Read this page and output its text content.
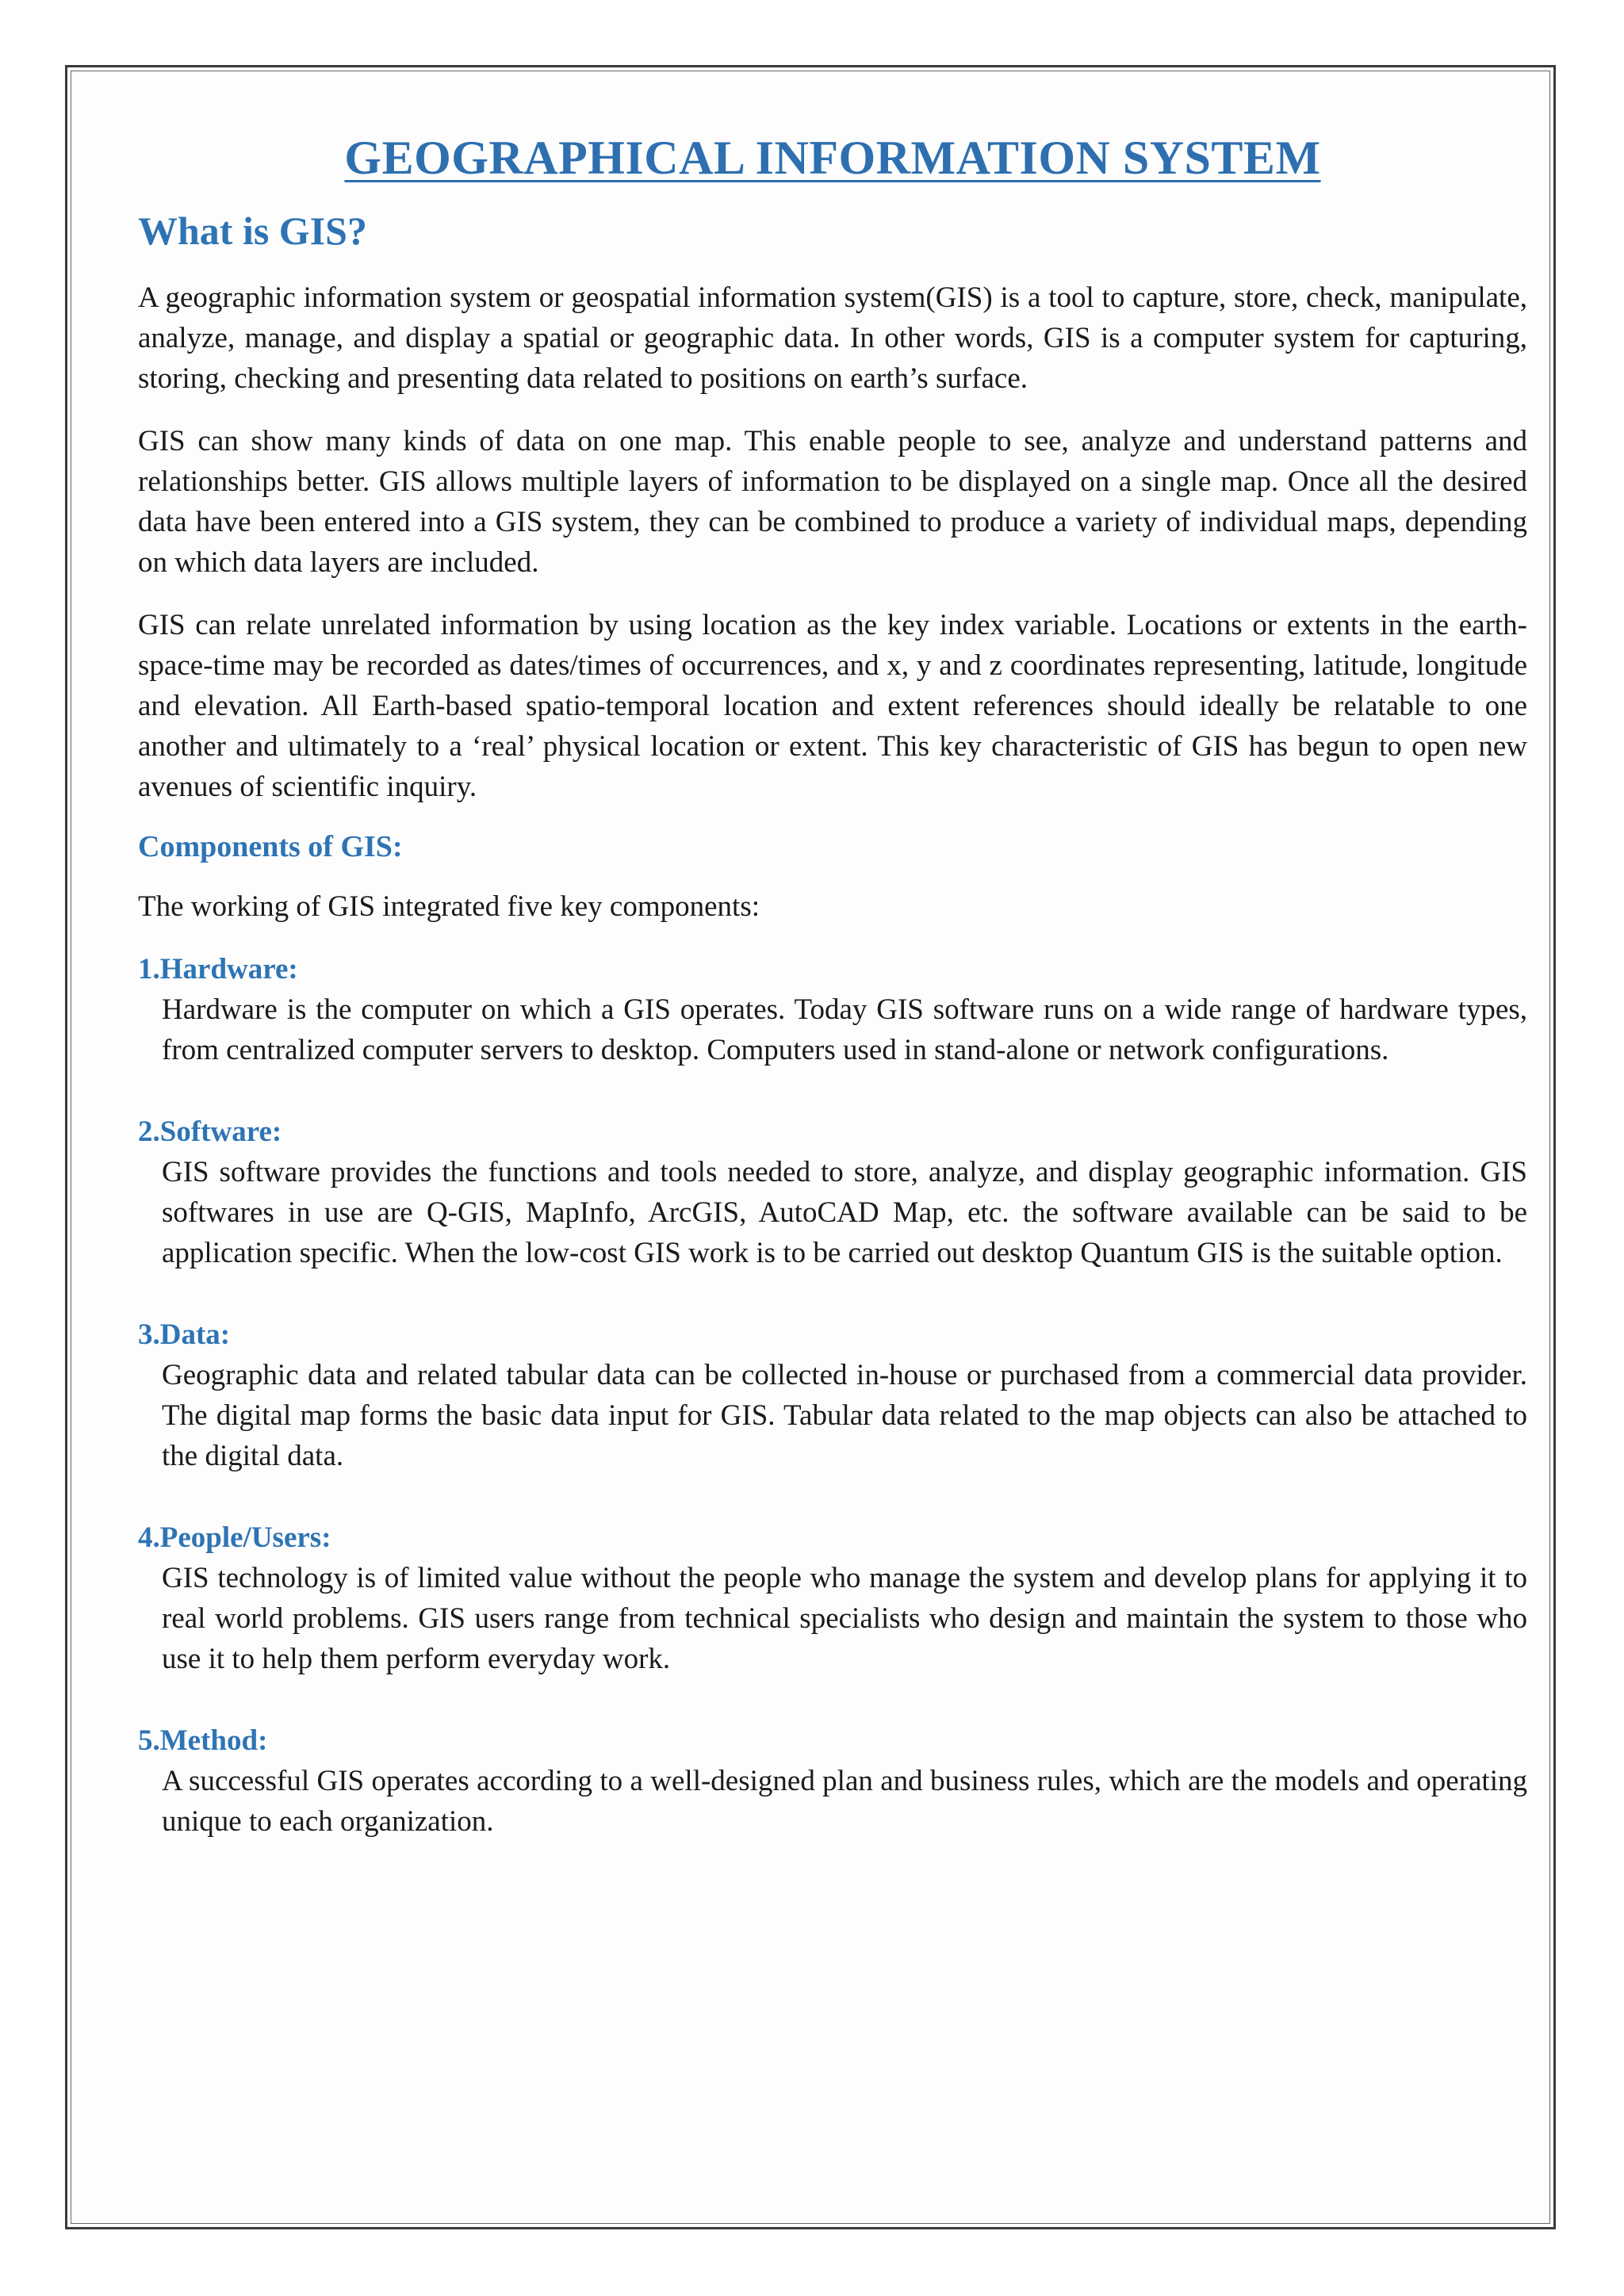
GEOGRAPHICAL INFORMATION SYSTEM
What is GIS?

A geographic information system or geospatial information system(GIS) is a tool to capture, store, check, manipulate, analyze, manage, and display a spatial or geographic data. In other words, GIS is a computer system for capturing, storing, checking and presenting data related to positions on earth’s surface.

GIS can show many kinds of data on one map. This enable people to see, analyze and understand patterns and relationships better. GIS allows multiple layers of information to be displayed on a single map. Once all the desired data have been entered into a GIS system, they can be combined to produce a variety of individual maps, depending on which data layers are included.

GIS can relate unrelated information by using location as the key index variable. Locations or extents in the earth-space-time may be recorded as dates/times of occurrences, and x, y and z coordinates representing, latitude, longitude and elevation. All Earth-based spatio-temporal location and extent references should ideally be relatable to one another and ultimately to a ‘real’ physical location or extent. This key characteristic of GIS has begun to open new avenues of scientific inquiry.

Components of GIS:

The working of GIS integrated five key components:

1.Hardware:

Hardware is the computer on which a GIS operates. Today GIS software runs on a wide range of hardware types, from centralized computer servers to desktop. Computers used in stand-alone or network configurations.

2.Software:

GIS software provides the functions and tools needed to store, analyze, and display geographic information. GIS softwares in use are Q-GIS, MapInfo, ArcGIS, AutoCAD Map, etc. the software available can be said to be application specific. When the low-cost GIS work is to be carried out desktop Quantum GIS is the suitable option.

3.Data:

Geographic data and related tabular data can be collected in-house or purchased from a commercial data provider. The digital map forms the basic data input for GIS. Tabular data related to the map objects can also be attached to the digital data.

4.People/Users:

GIS technology is of limited value without the people who manage the system and develop plans for applying it to real world problems. GIS users range from technical specialists who design and maintain the system to those who use it to help them perform everyday work.

5.Method:

A successful GIS operates according to a well-designed plan and business rules, which are the models and operating unique to each organization.
